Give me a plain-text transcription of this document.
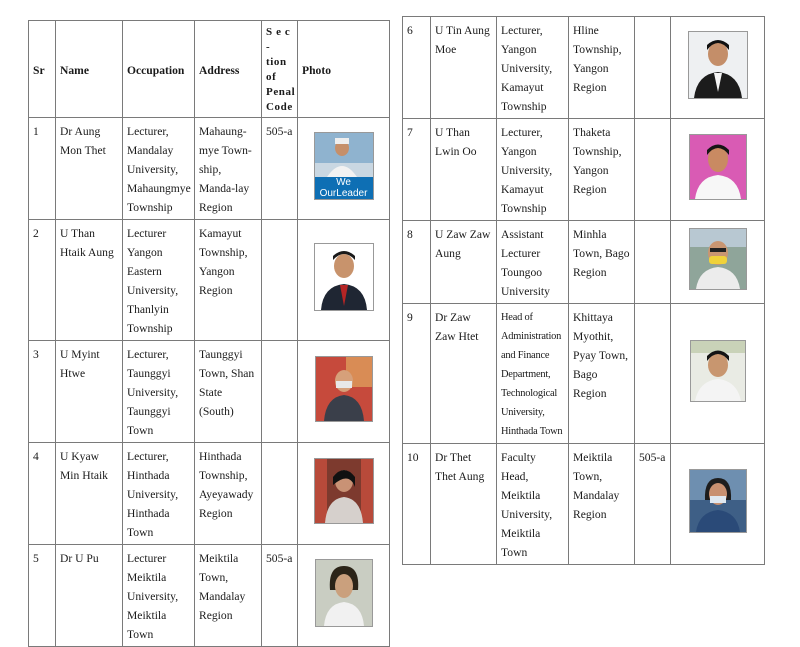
Sr	Name	Occupation	Address	S e c - tion of Penal Code	Photo
1	Dr Aung Mon Thet	Lecturer, Mandalay University, Mahaungmye Township	Mahaung-mye Town-ship, Manda-lay Region	505-a	We OurLeader

2	U Than Htaik Aung	Lecturer Yangon Eastern University, Thanlyin Township	Kamayut Township, Yangon Region		

3	U Myint Htwe	Lecturer, Taunggyi University, Taunggyi Town	Taunggyi Town, Shan State (South)		

4	U Kyaw Min Htaik	Lecturer, Hinthada University, Hinthada Town	Hinthada Township, Ayeyawady Region		

5	Dr U Pu	Lecturer Meiktila University, Meiktila Town	Meiktila Town, Mandalay Region	505-a	
6	U Tin Aung Moe	Lecturer, Yangon University, Kamayut Township	Hline Township, Yangon Region		

7	U Than Lwin Oo	Lecturer, Yangon University, Kamayut Township	Thaketa Township, Yangon Region		

8	U Zaw Zaw Aung	Assistant Lecturer Toungoo University	Minhla Town, Bago Region		

9	Dr Zaw Zaw Htet	Head of Administration and Finance Department, Technological University, Hinthada Town	Khittaya Myothit, Pyay Town, Bago Region		

10	Dr Thet Thet Aung	Faculty Head, Meiktila University, Meiktila Town	Meiktila Town, Mandalay Region	505-a	
